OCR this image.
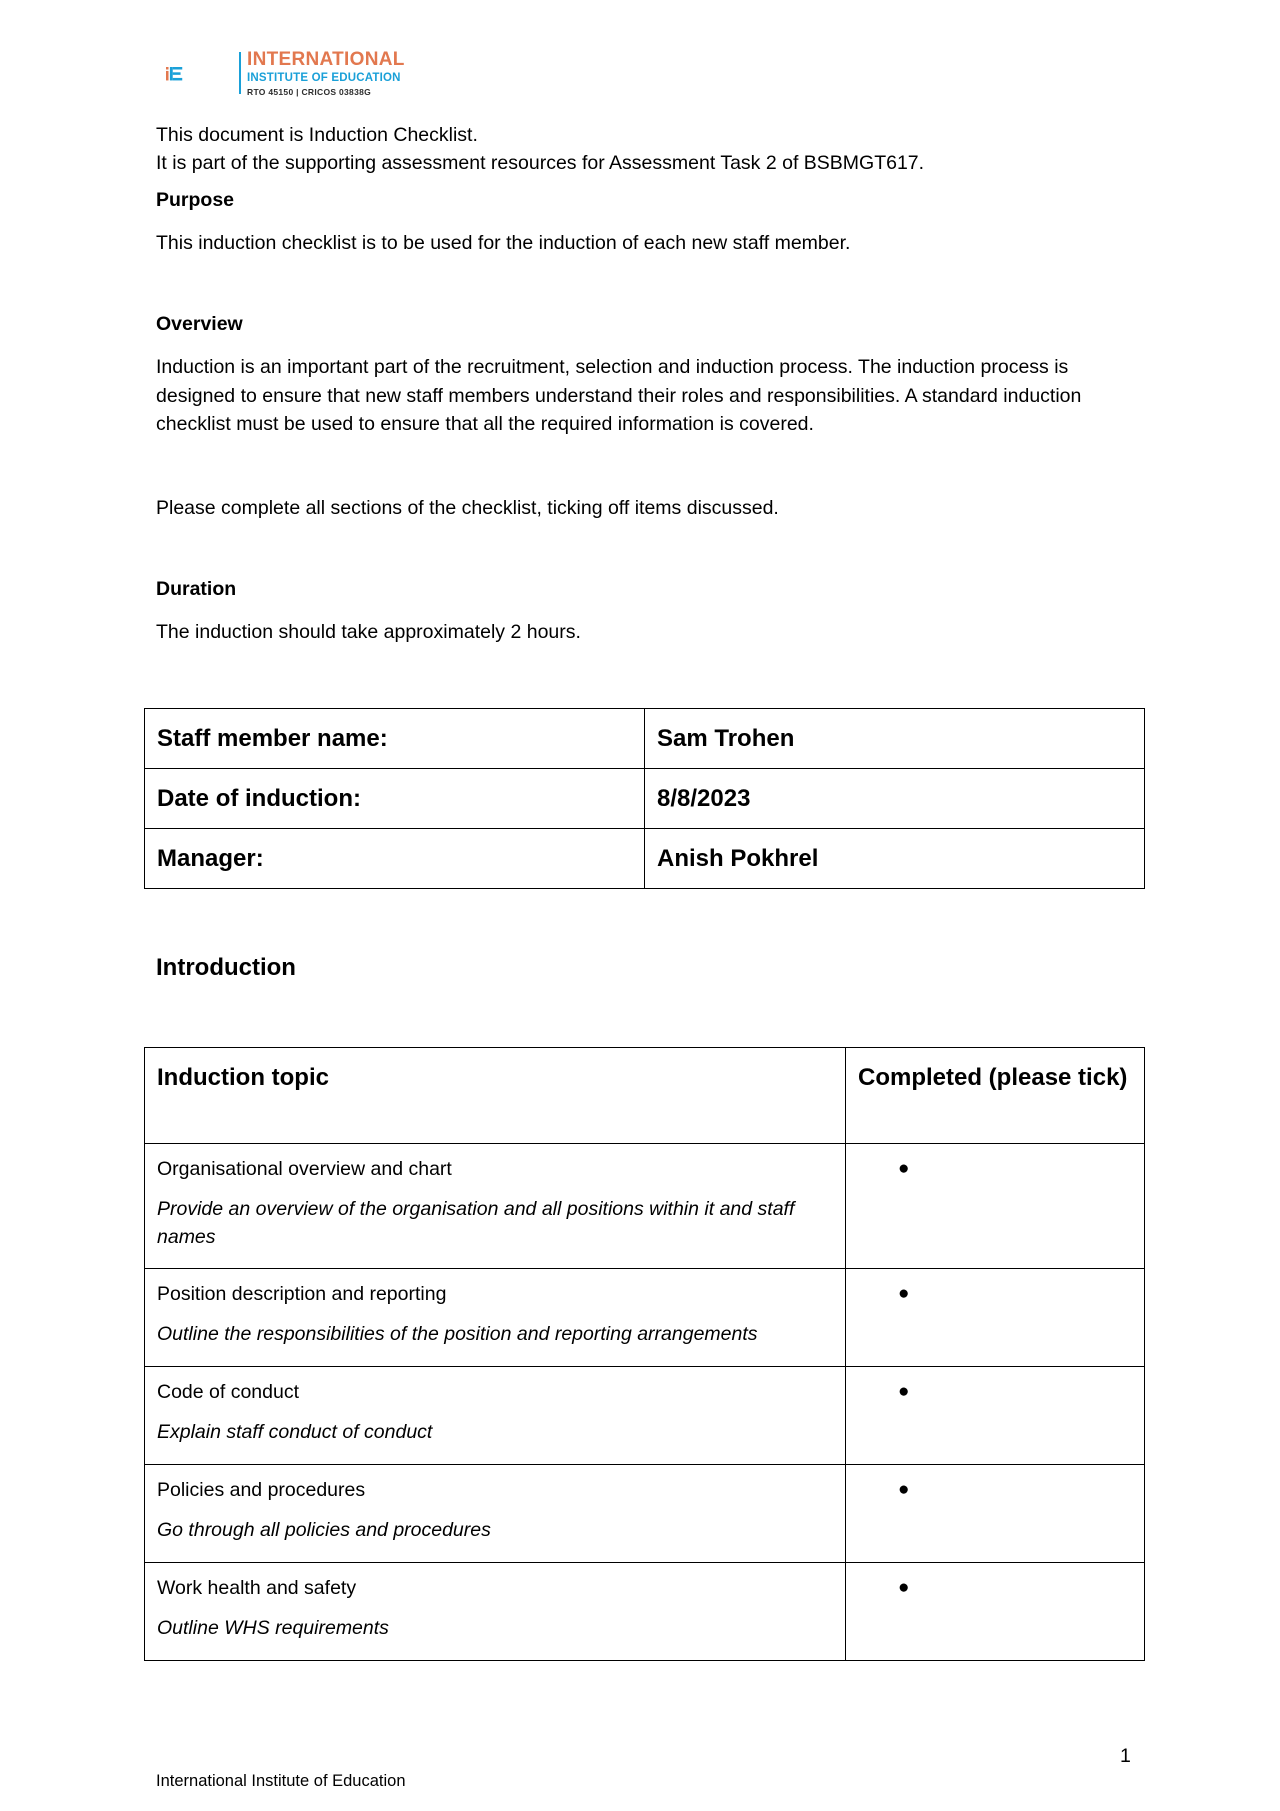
INTERNATIONAL
INSTITUTE OF EDUCATION
RTO 45150 | CRICOS 03838G
This document is Induction Checklist.
It is part of the supporting assessment resources for Assessment Task 2 of BSBMGT617.
Purpose
This induction checklist is to be used for the induction of each new staff member.
Overview
Induction is an important part of the recruitment, selection and induction process. The induction process is designed to ensure that new staff members understand their roles and responsibilities. A standard induction checklist must be used to ensure that all the required information is covered.
Please complete all sections of the checklist, ticking off items discussed.
Duration
The induction should take approximately 2 hours.
Staff member name:	Sam Trohen
Date of induction:	8/8/2023
Manager:	Anish Pokhrel
Introduction
Induction topic	Completed (please tick)

Organisational overview and chart

Provide an overview of the organisation and all positions within it and staff names	●

Position description and reporting

Outline the responsibilities of the position and reporting arrangements	●

Code of conduct

Explain staff conduct of conduct	●

Policies and procedures

Go through all policies and procedures	●

Work health and safety

Outline WHS requirements	●
1
International Institute of Education
